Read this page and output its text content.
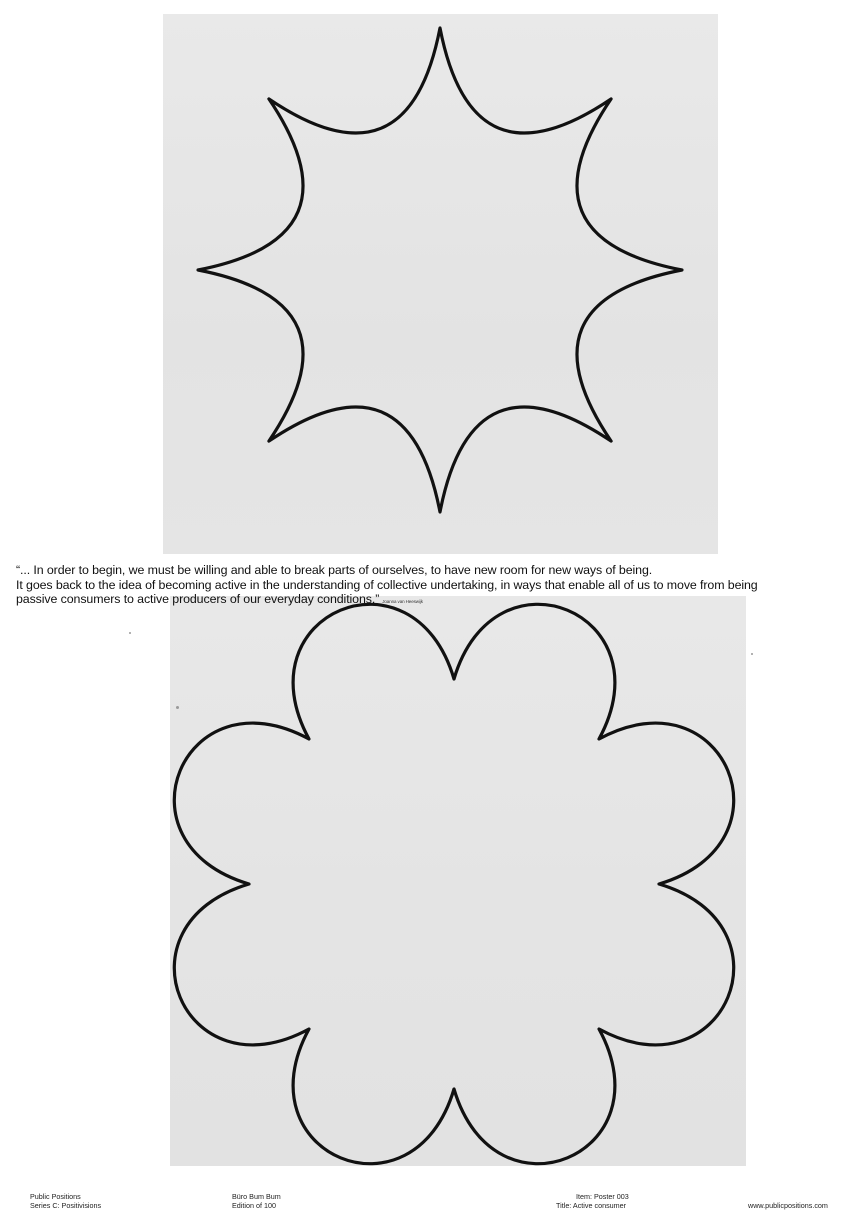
“... In order to begin, we must be willing and able to break parts of ourselves, to have new room for new ways of being.
It goes back to the idea of becoming active in the understanding of collective undertaking, in ways that enable all of us to move from being
passive consumers to active producers of our everyday conditions.” Joanna van Heeswijk
Public Positions
Series C: Positivisions
Büro Bum Bum
Edition of 100
Item: Poster 003
Title: Active consumer	www.publicpositions.com
